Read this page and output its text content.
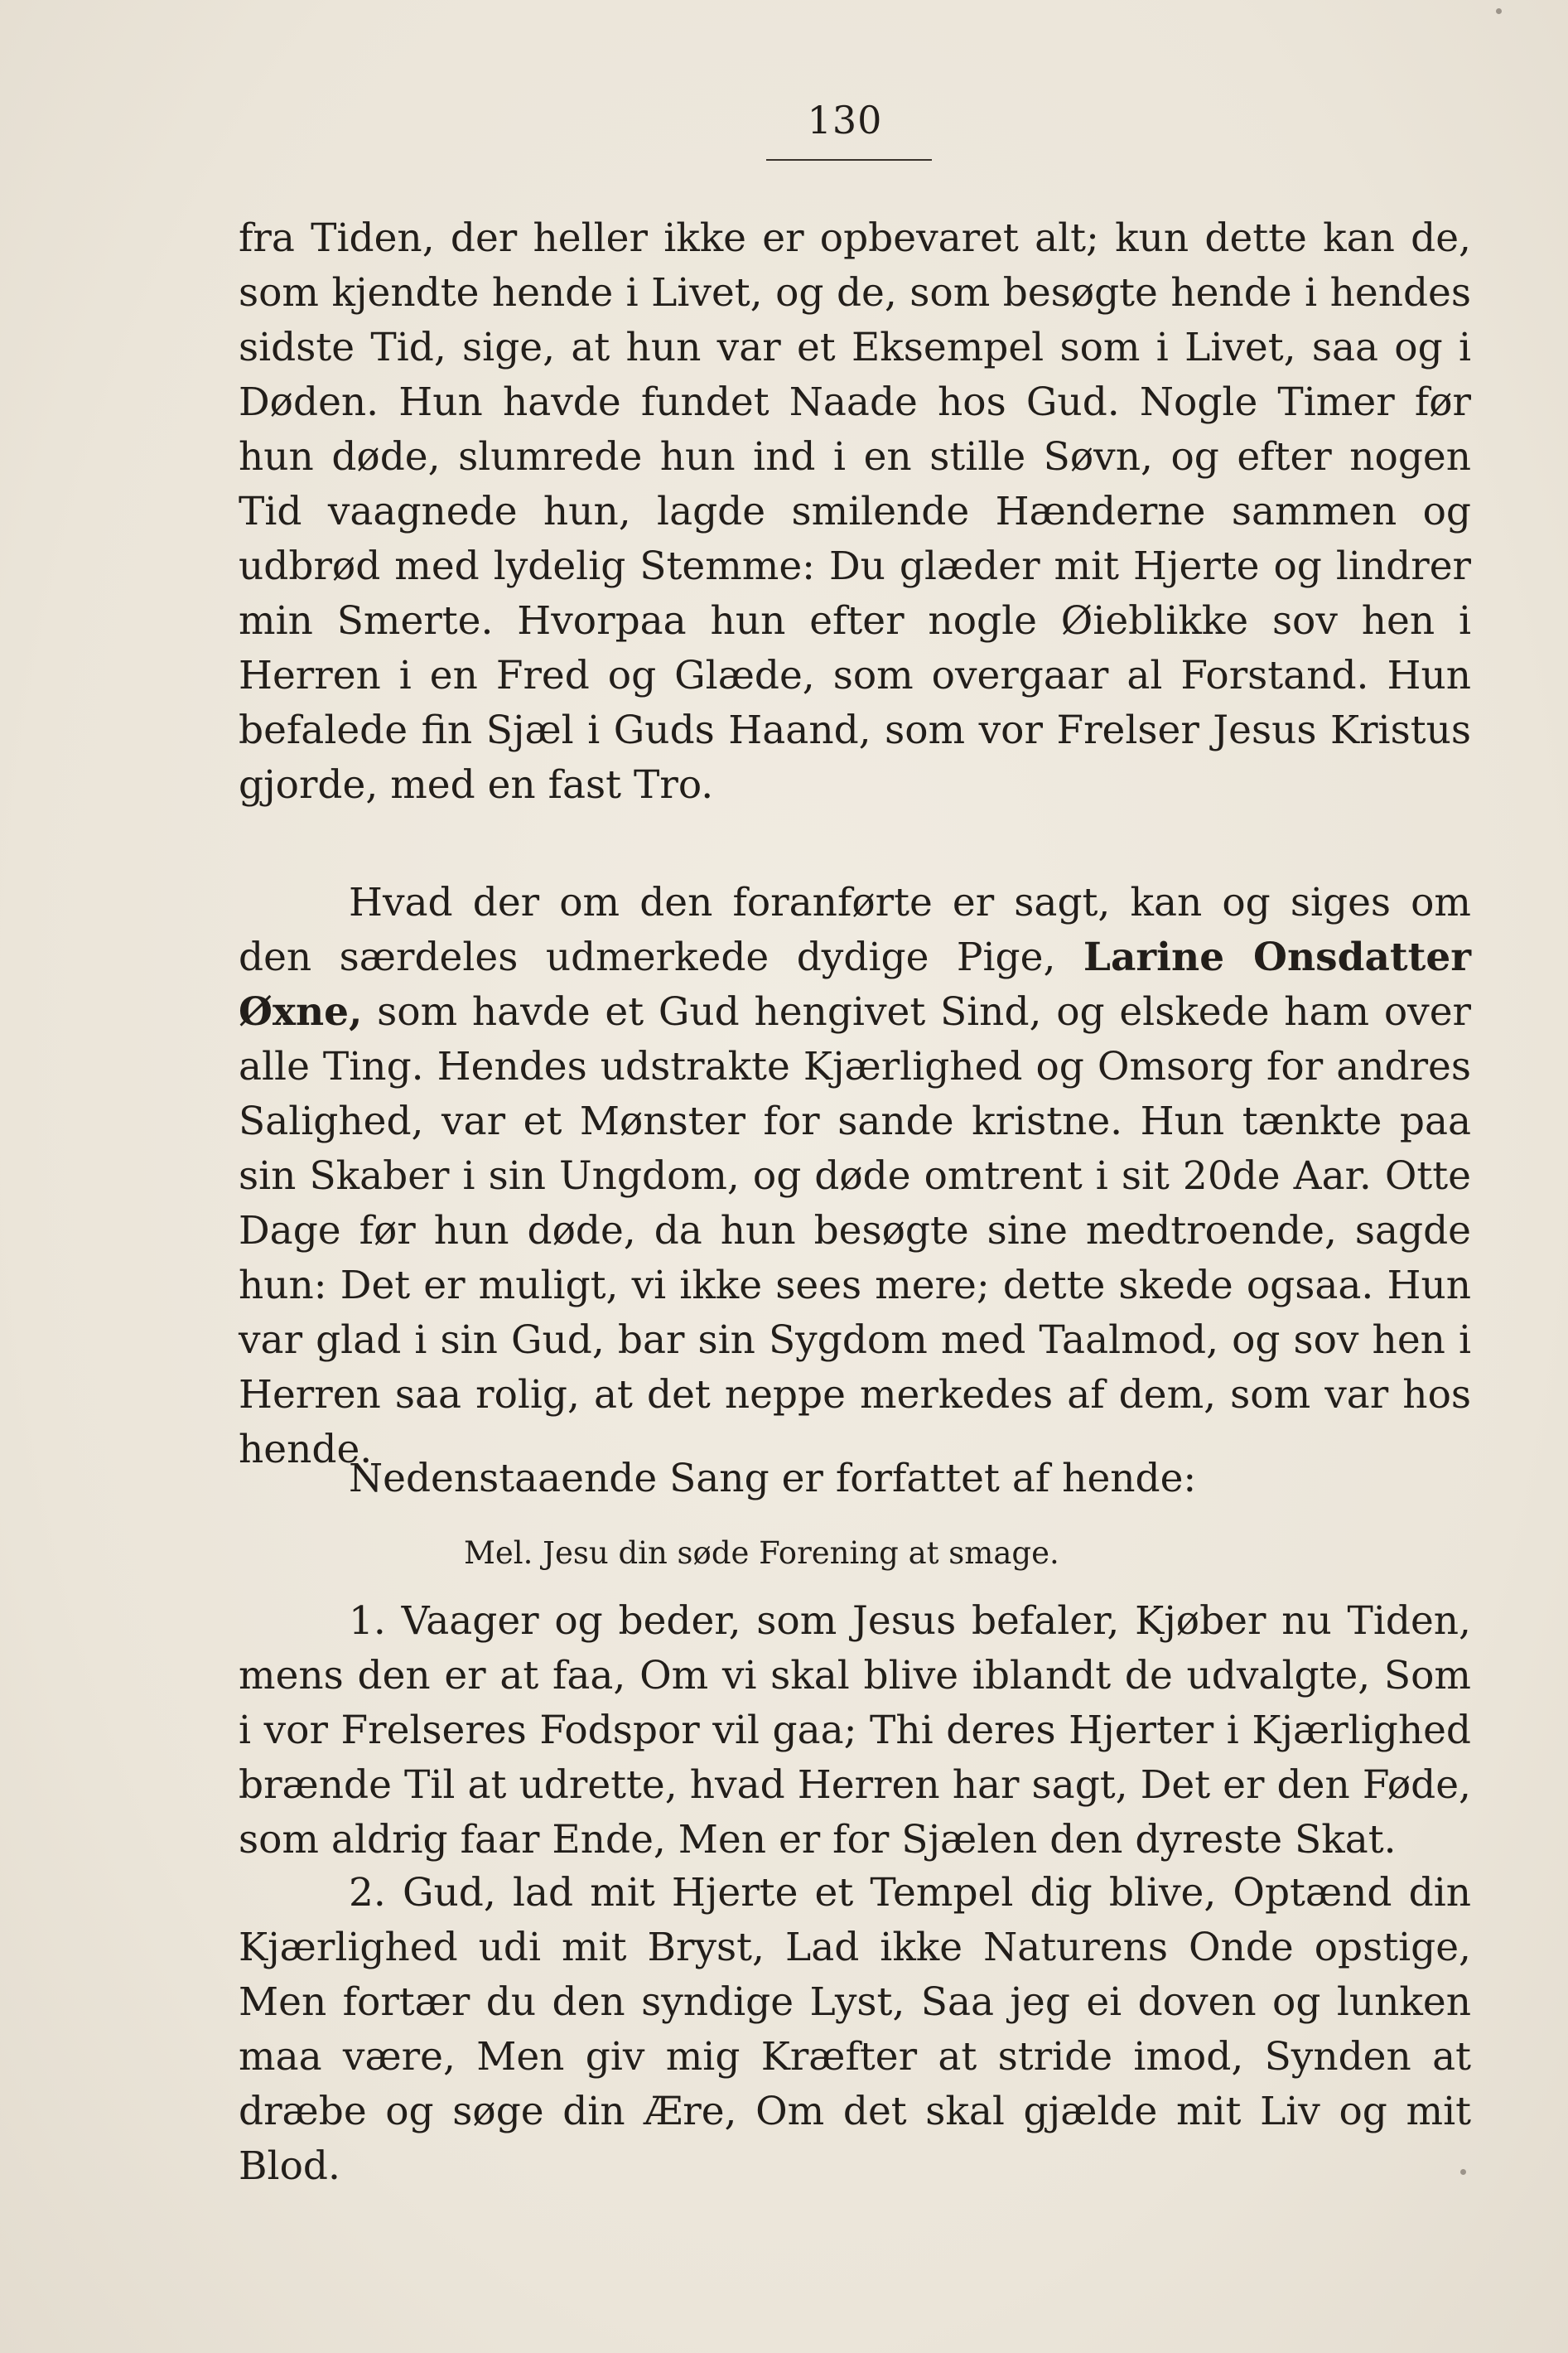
130

fra Tiden, der heller ikke er opbevaret alt; kun dette kan de, som kjendte hende i Livet, og de, som besøgte hende i hendes sidste Tid, sige, at hun var et Eksempel som i Livet, saa og i Døden. Hun havde fundet Naade hos Gud. Nogle Timer før hun døde, slumrede hun ind i en stille Søvn, og efter nogen Tid vaagnede hun, lagde smilende Hænderne sammen og udbrød med lydelig Stemme: Du glæder mit Hjerte og lindrer min Smerte. Hvorpaa hun efter nogle Øieblikke sov hen i Herren i en Fred og Glæde, som overgaar al Forstand. Hun befalede fin Sjæl i Guds Haand, som vor Frelser Jesus Kristus gjorde, med en fast Tro.

Hvad der om den foranførte er sagt, kan og siges om den særdeles udmerkede dydige Pige, Larine Onsdatter Øxne, som havde et Gud hengivet Sind, og elskede ham over alle Ting. Hendes udstrakte Kjærlighed og Omsorg for andres Salighed, var et Mønster for sande kristne. Hun tænkte paa sin Skaber i sin Ungdom, og døde omtrent i sit 20de Aar. Otte Dage før hun døde, da hun besøgte sine medtroende, sagde hun: Det er muligt, vi ikke sees mere; dette skede ogsaa. Hun var glad i sin Gud, bar sin Sygdom med Taalmod, og sov hen i Herren saa rolig, at det neppe merkedes af dem, som var hos hende.

Nedenstaaende Sang er forfattet af hende:

Mel. Jesu din søde Forening at smage.

1. Vaager og beder, som Jesus befaler, Kjøber nu Tiden, mens den er at faa, Om vi skal blive iblandt de udvalgte, Som i vor Frelseres Fodspor vil gaa; Thi deres Hjerter i Kjærlighed brænde Til at udrette, hvad Herren har sagt, Det er den Føde, som aldrig faar Ende, Men er for Sjælen den dyreste Skat.

2. Gud, lad mit Hjerte et Tempel dig blive, Optænd din Kjærlighed udi mit Bryst, Lad ikke Naturens Onde opstige, Men fortær du den syndige Lyst, Saa jeg ei doven og lunken maa være, Men giv mig Kræfter at stride imod, Synden at dræbe og søge din Ære, Om det skal gjælde mit Liv og mit Blod.
